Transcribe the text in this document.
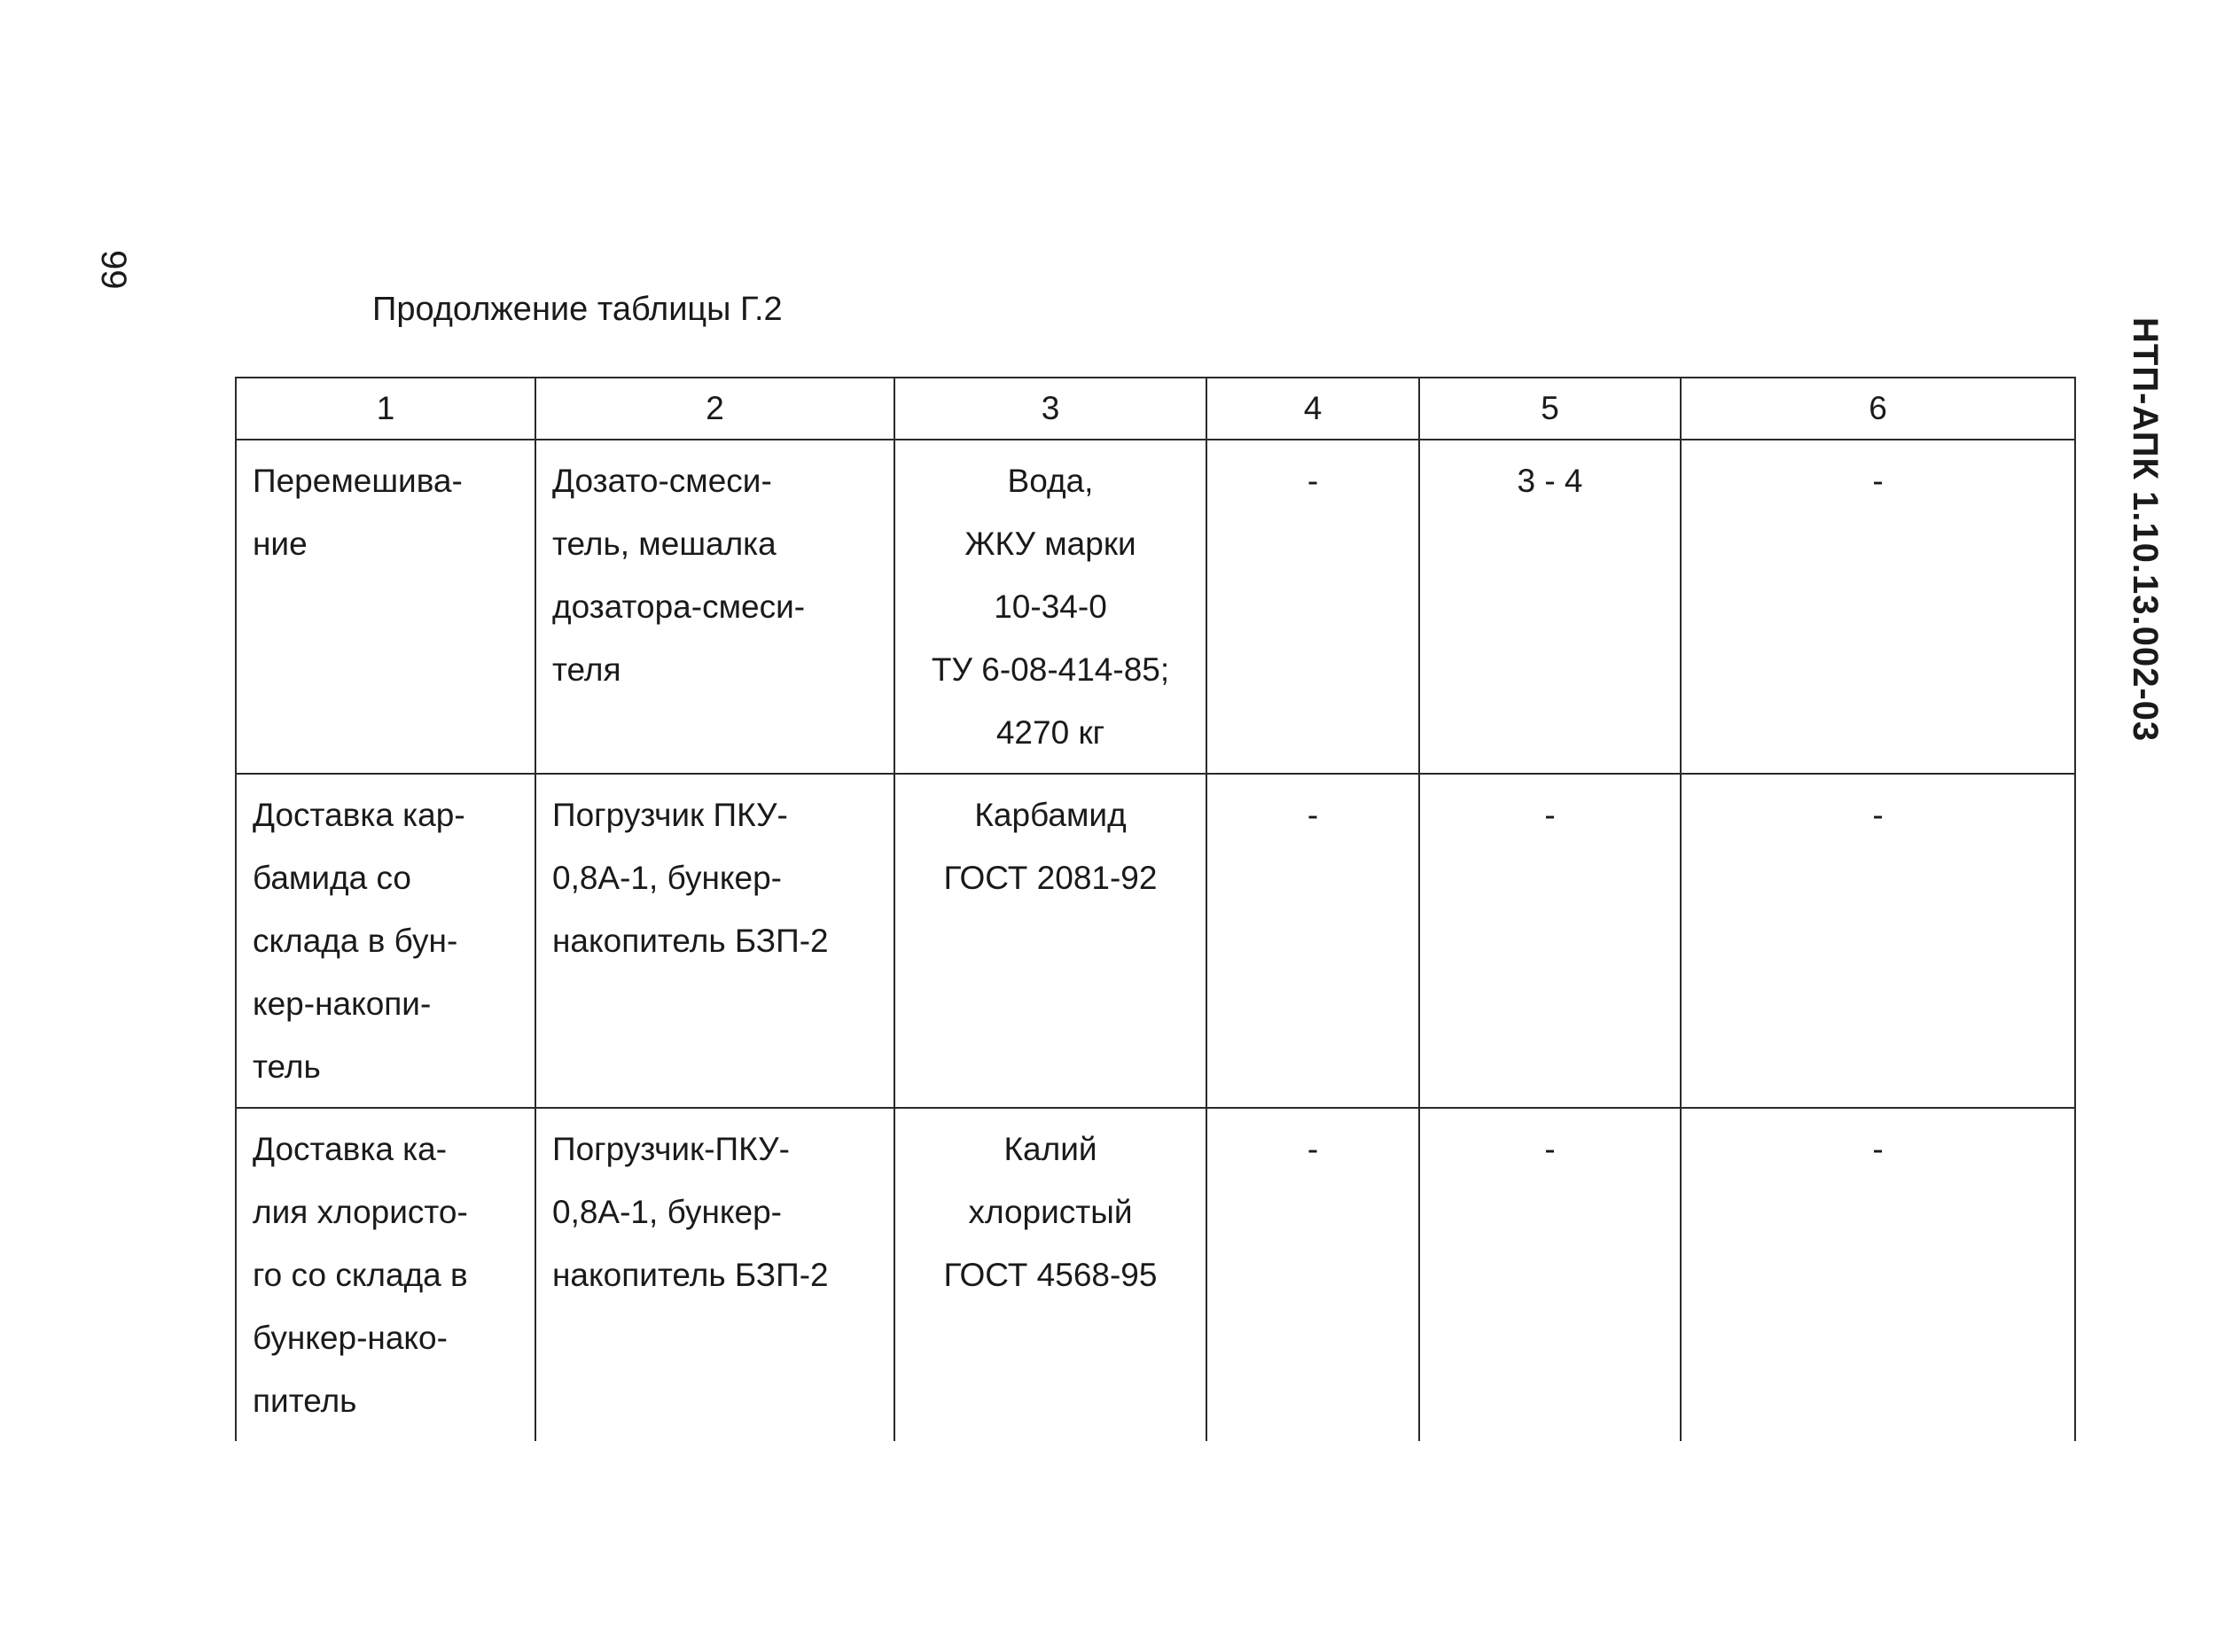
99
НТП-АПК 1.10.13.002-03
Продолжение таблицы Г.2
1	2	3	4	5	6

Перемешива-
ние	Дозато-смеси-
тель, мешалка
дозатора-смеси-
теля	Вода,
ЖКУ марки
10-34-0
ТУ 6-08-414-85;
4270 кг	-	3 - 4	-

Доставка кар-
бамида со
склада в бун-
кер-накопи-
тель	Погрузчик ПКУ-
0,8А-1, бункер-
накопитель БЗП-2	Карбамид
ГОСТ 2081-92	-	-	-

Доставка ка-
лия хлористо-
го со склада в
бункер-нако-
питель	Погрузчик-ПКУ-
0,8А-1, бункер-
накопитель БЗП-2	Калий
хлористый
ГОСТ 4568-95	-	-	-
